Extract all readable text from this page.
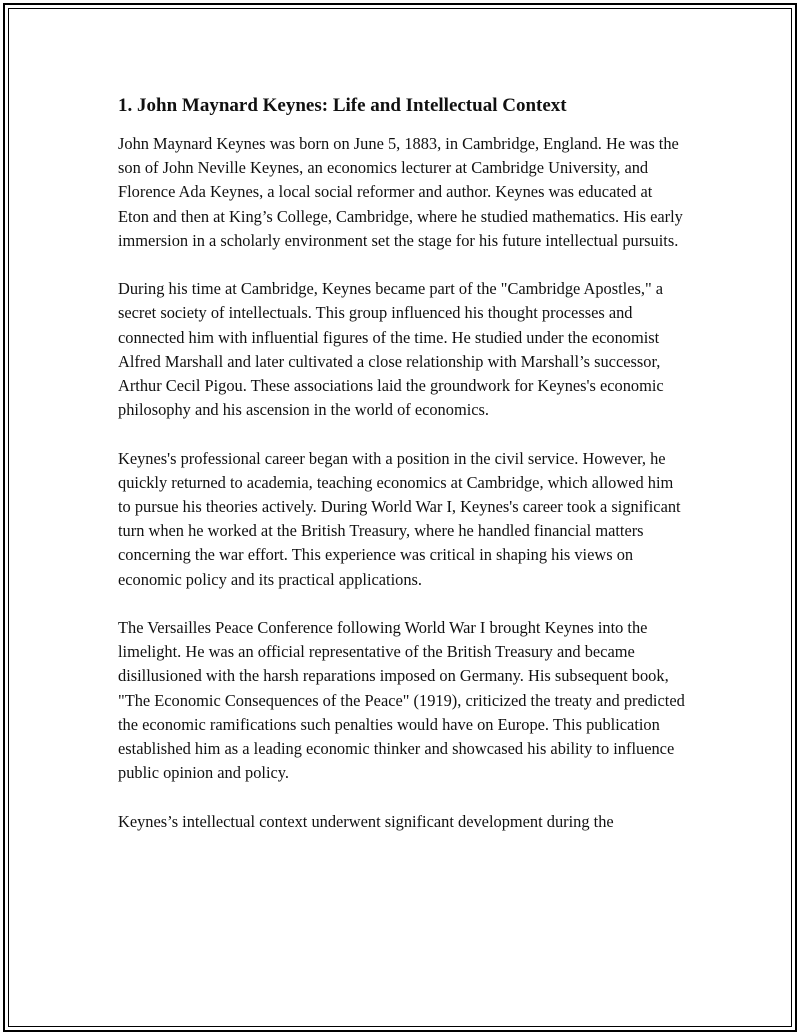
1. John Maynard Keynes: Life and Intellectual Context

John Maynard Keynes was born on June 5, 1883, in Cambridge, England. He was the son of John Neville Keynes, an economics lecturer at Cambridge University, and Florence Ada Keynes, a local social reformer and author. Keynes was educated at Eton and then at King’s College, Cambridge, where he studied mathematics. His early immersion in a scholarly environment set the stage for his future intellectual pursuits.

During his time at Cambridge, Keynes became part of the "Cambridge Apostles," a secret society of intellectuals. This group influenced his thought processes and connected him with influential figures of the time. He studied under the economist Alfred Marshall and later cultivated a close relationship with Marshall’s successor, Arthur Cecil Pigou. These associations laid the groundwork for Keynes's economic philosophy and his ascension in the world of economics.

Keynes's professional career began with a position in the civil service. However, he quickly returned to academia, teaching economics at Cambridge, which allowed him to pursue his theories actively. During World War I, Keynes's career took a significant turn when he worked at the British Treasury, where he handled financial matters concerning the war effort. This experience was critical in shaping his views on economic policy and its practical applications.

The Versailles Peace Conference following World War I brought Keynes into the limelight. He was an official representative of the British Treasury and became disillusioned with the harsh reparations imposed on Germany. His subsequent book, "The Economic Consequences of the Peace" (1919), criticized the treaty and predicted the economic ramifications such penalties would have on Europe. This publication established him as a leading economic thinker and showcased his ability to influence public opinion and policy.

Keynes’s intellectual context underwent significant development during the
